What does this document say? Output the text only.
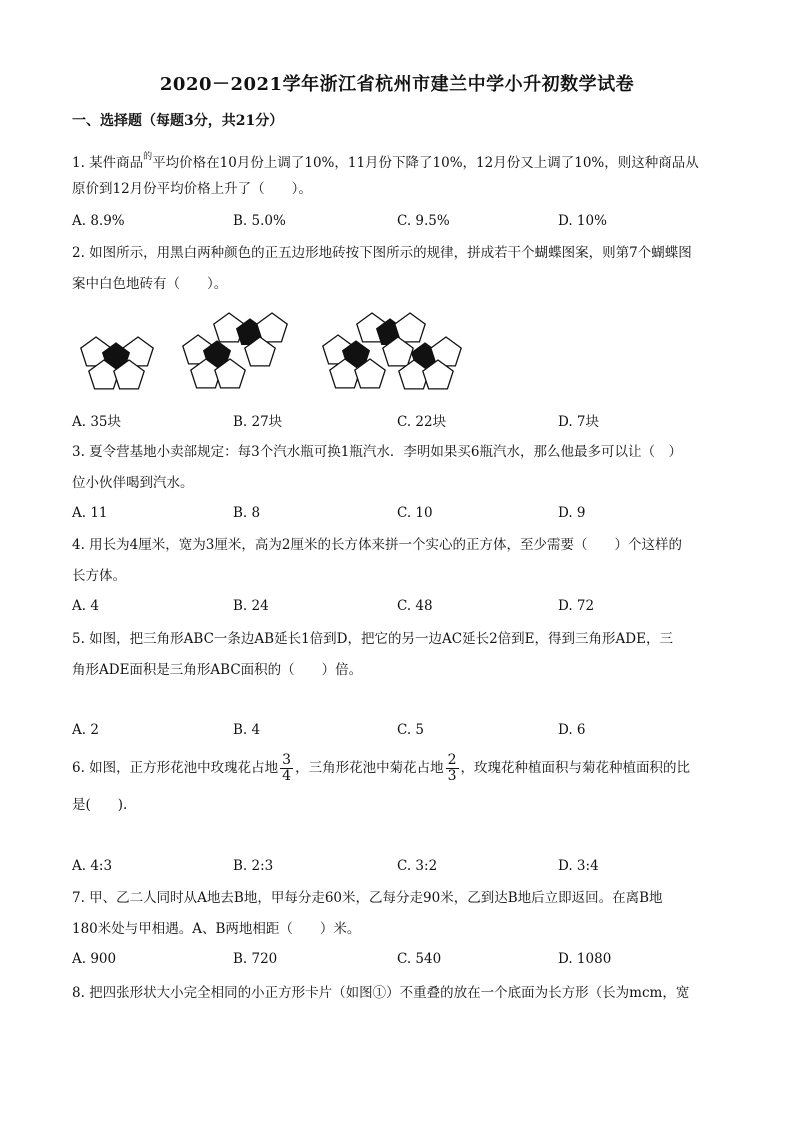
2020－2021学年浙江省杭州市建兰中学小升初数学试卷
一、选择题（每题3分，共21分）
1. 某件商品$^的$平均价格在10月份上调了10%，11月份下降了10%，12月份又上调了10%，则这种商品从
原价到12月份平均价格上升了（　　）。
A. 8.9%	B. 5.0%	C. 9.5%	D. 10%
2. 如图所示，用黑白两种颜色的正五边形地砖按下图所示的规律，拼成若干个蝴蝶图案，则第7个蝴蝶图
案中白色地砖有（　　）。
A. 35块	B. 27块	C. 22块	D. 7块
3. 夏令营基地小卖部规定：每3个汽水瓶可换1瓶汽水．李明如果买6瓶汽水，那么他最多可以让（　）
位小伙伴喝到汽水。
A. 11	B. 8	C. 10	D. 9
4. 用长为4厘米，宽为3厘米，高为2厘米的长方体来拼一个实心的正方体，至少需要（　　）个这样的
长方体。
A. 4	B. 24	C. 48	D. 72
5. 如图，把三角形ABC一条边AB延长1倍到D，把它的另一边AC延长2倍到E，得到三角形ADE，三
角形ADE面积是三角形ABC面积的（　　）倍。
A. 2	B. 4	C. 5	D. 6
6. 如图，正方形花池中玫瑰花占地 $\frac{3}{4}$ ，三角形花池中菊花占地 $\frac{2}{3}$ ，玫瑰花种植面积与菊花种植面积的比
是(　　).
A. 4:3	B. 2:3	C. 3:2	D. 3:4
7. 甲、乙二人同时从A地去B地，甲每分走60米，乙每分走90米，乙到达B地后立即返回。在离B地
180米处与甲相遇。A、B两地相距（　　）米。
A. 900	B. 720	C. 540	D. 1080
8. 把四张形状大小完全相同的小正方形卡片（如图①）不重叠的放在一个底面为长方形（长为mcm，宽
